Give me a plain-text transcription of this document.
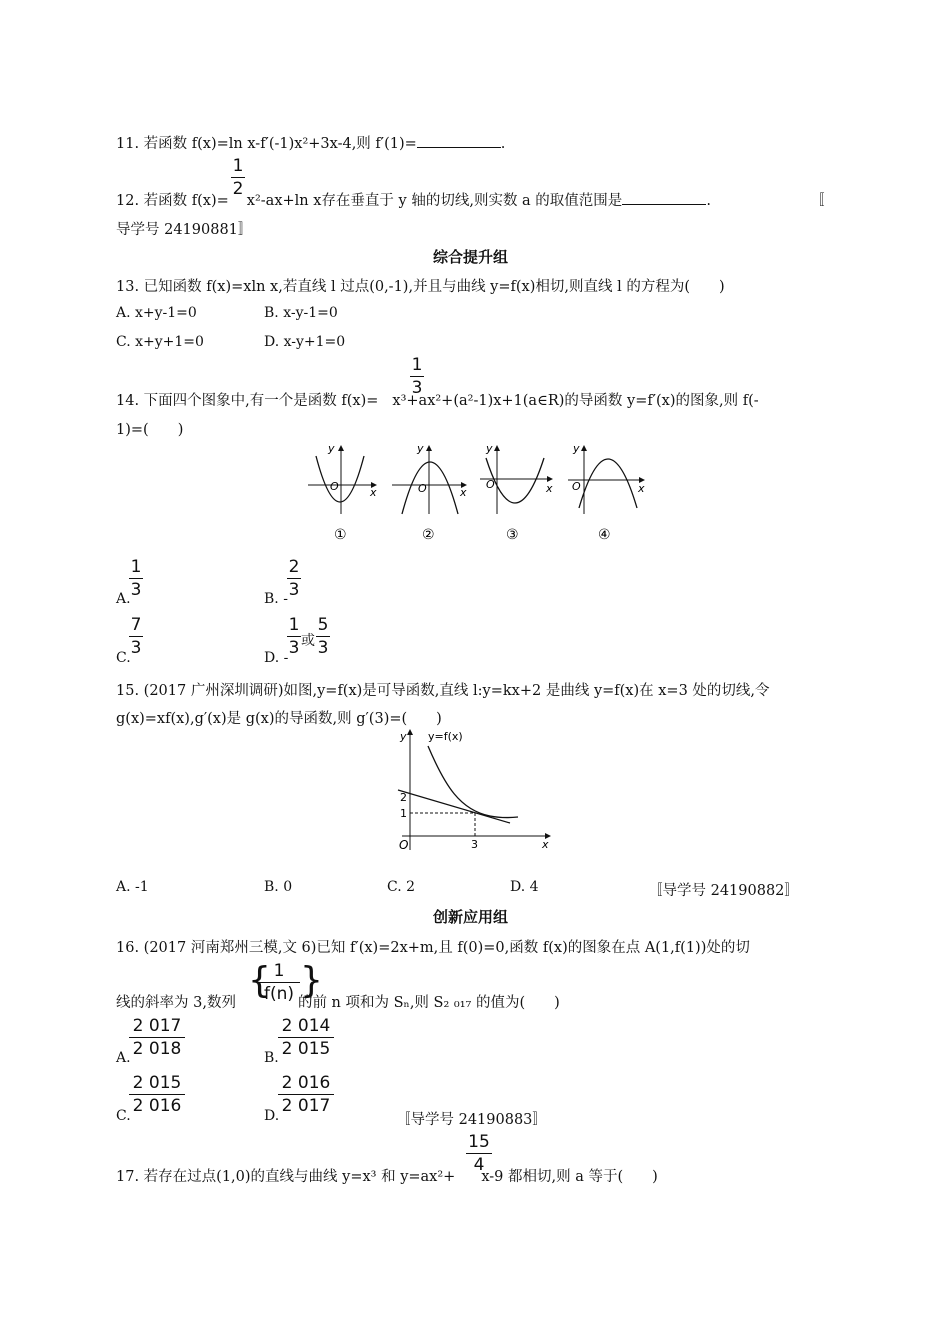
11. 若函数 f(x)=ln x-f′(-1)x²+3x-4,则 f′(1)=	.
1
2
12. 若函数 f(x)= x²-ax+ln x存在垂直于 y 轴的切线,则实数 a 的取值范围是	.	〚
导学号 24190881〛
综合提升组
13. 已知函数 f(x)=xln x,若直线 l 过点(0,-1),并且与曲线 y=f(x)相切,则直线 l 的方程为(　　)
A. x+y-1=0	B. x-y-1=0
C. x+y+1=0	D. x-y+1=0
1
3
14. 下面四个图象中,有一个是函数 f(x)= x³+ax²+(a²-1)x+1(a∈R)的导函数 y=f′(x)的图象,则 f(-
1)=(　　)
y
x
O
①
y
x
O
②
y
x
O
③
y
x
O
④
A.
1
3	B. -
2
3
C.
7
3	D. -
1
3 或
5
3
15. (2017 广州深圳调研)如图,y=f(x)是可导函数,直线 l:y=kx+2 是曲线 y=f(x)在 x=3 处的切线,令
g(x)=xf(x),g′(x)是 g(x)的导函数,则 g′(3)=(　　)
y
x
O
y=f(x)
2
1
3
A. -1	B. 0	C. 2	D. 4	〚导学号 24190882〛
创新应用组
16. (2017 河南郑州三模,文 6)已知 f′(x)=2x+m,且 f(0)=0,函数 f(x)的图象在点 A(1,f(1))处的切
线的斜率为 3,数列	的前 n 项和为 Sₙ,则 S₂ ₀₁₇ 的值为(　　)
{ 1
f(n) }
A.
2 017
2 018	B.
2 014
2 015
C.
2 015
2 016	D.
2 016
2 017
〚导学号 24190883〛
15
4
17. 若存在过点(1,0)的直线与曲线 y=x³ 和 y=ax²+ x-9 都相切,则 a 等于(　　)
